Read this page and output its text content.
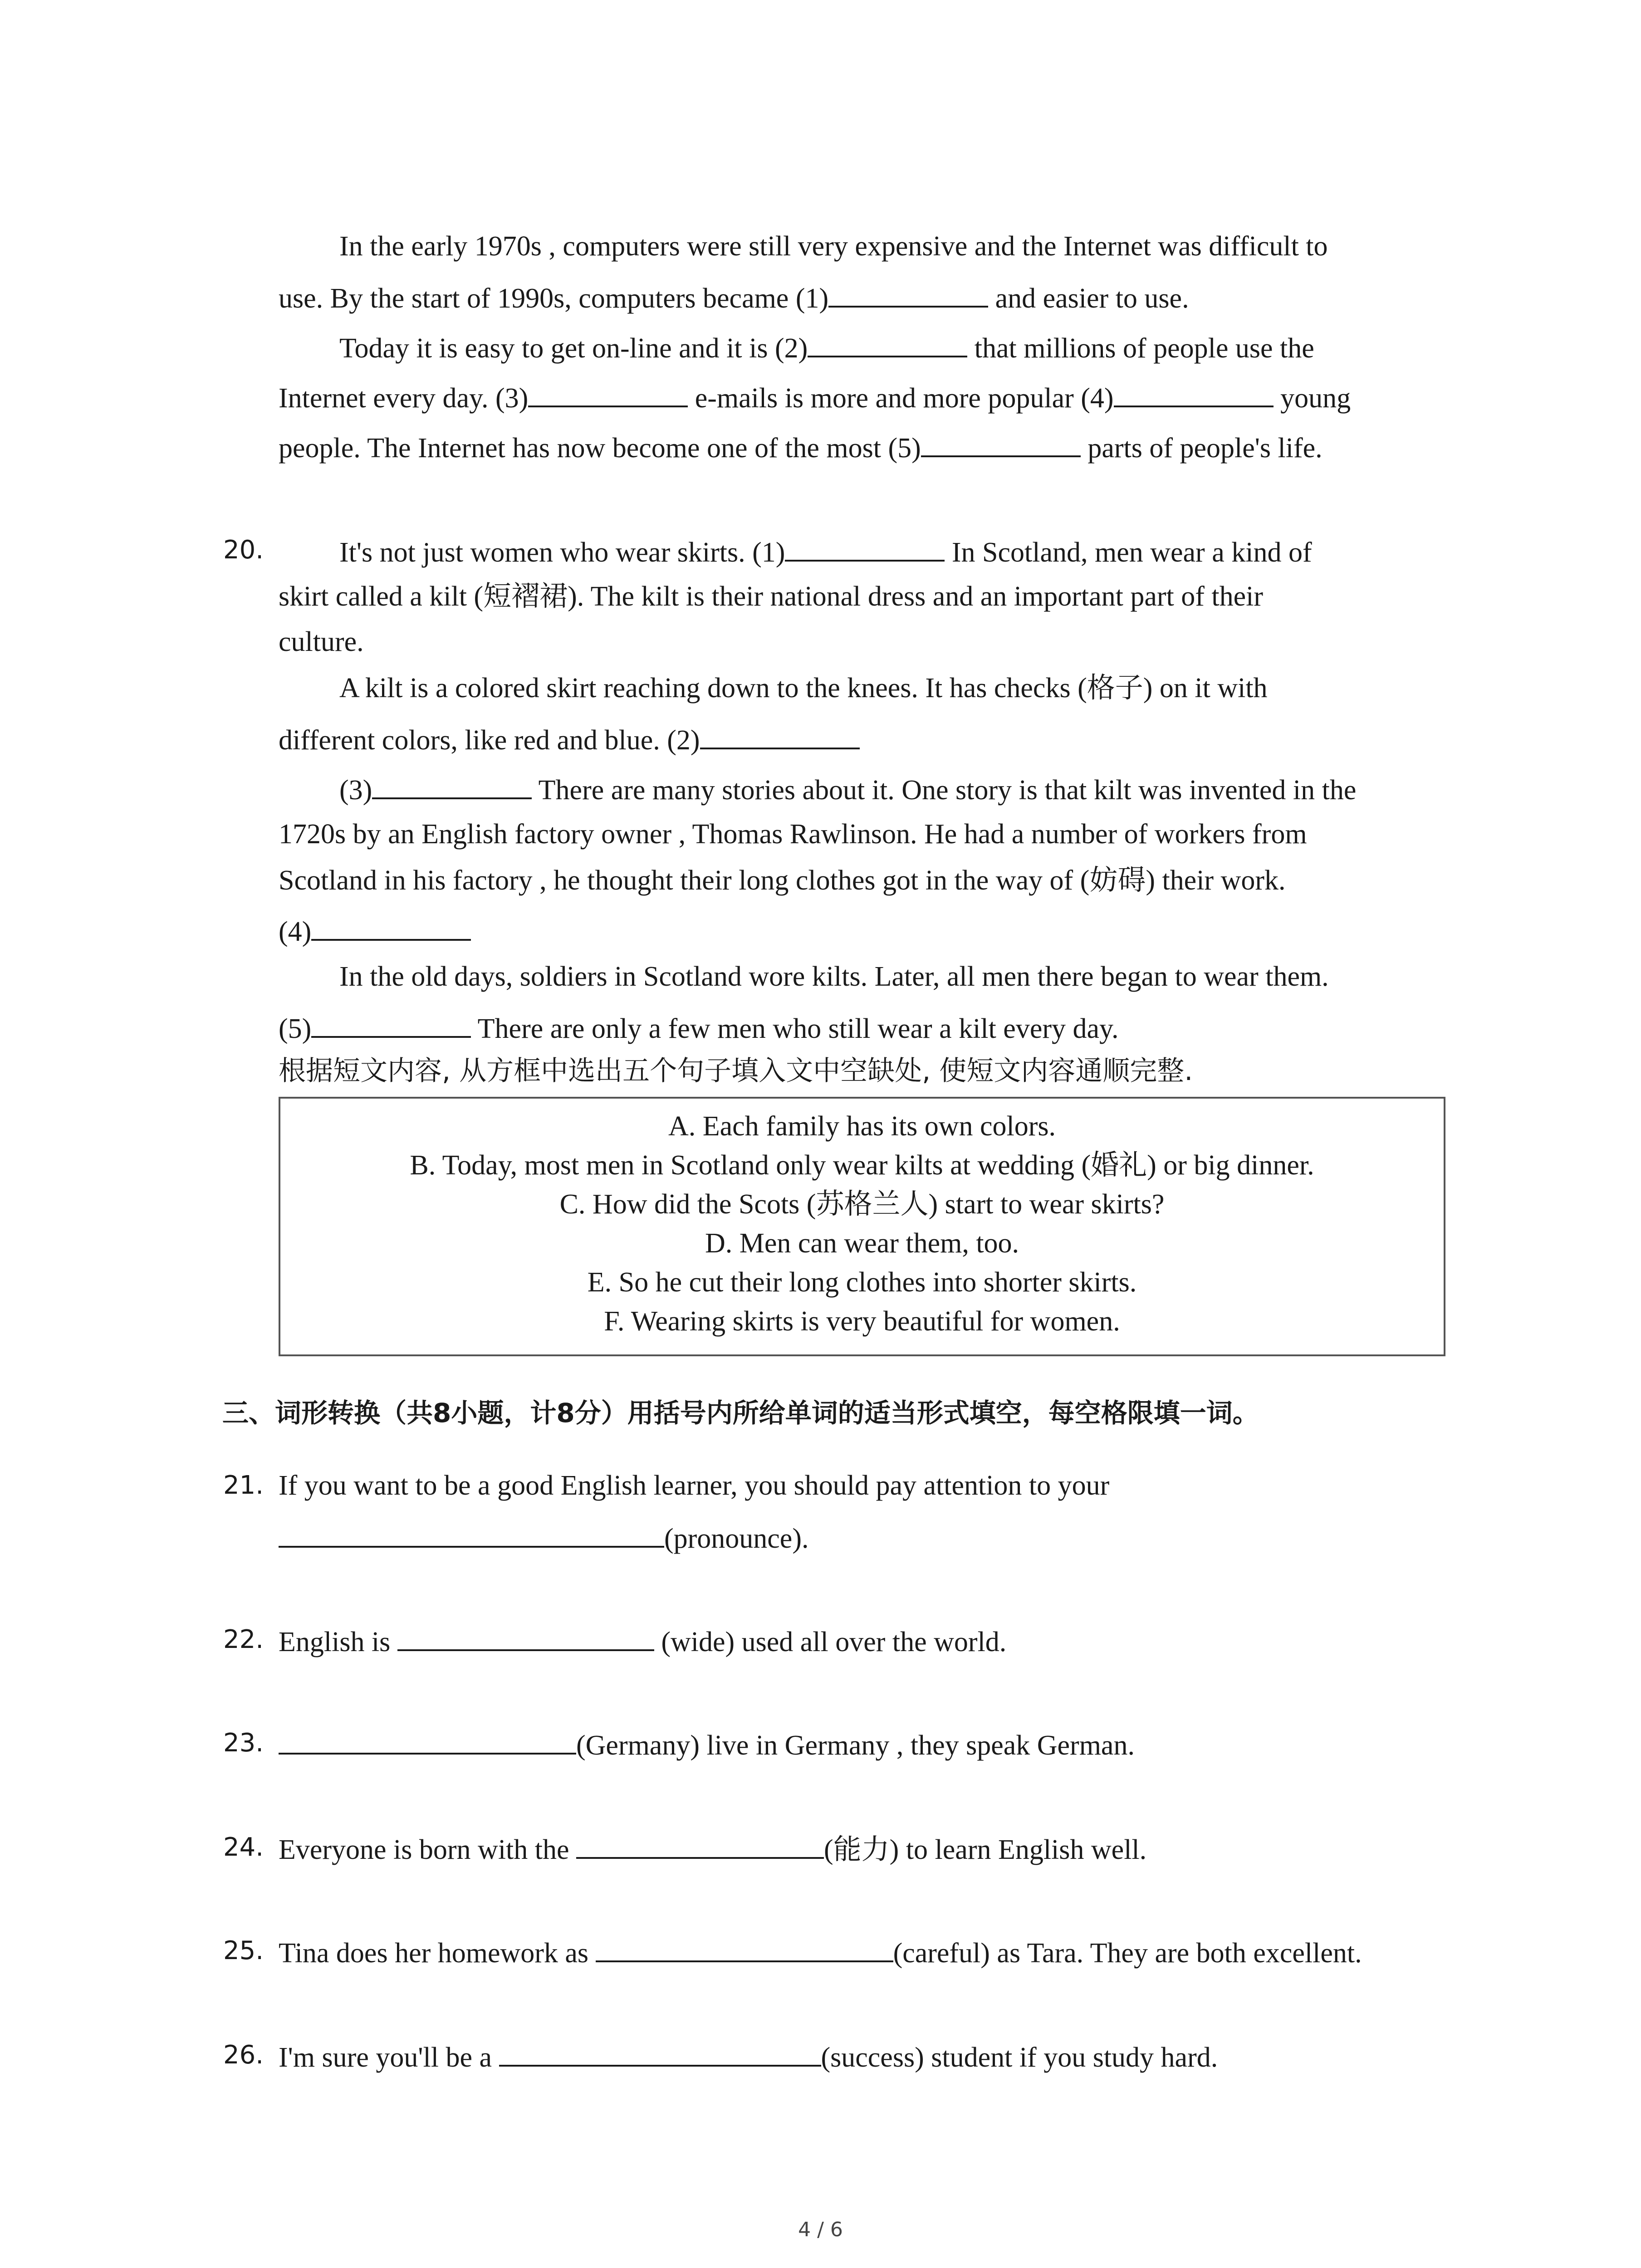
In the early 1970s , computers were still very expensive and the Internet was difficult to
use. By the start of 1990s, computers became (1)	and easier to use.
Today it is easy to get on-line and it is (2)	that millions of people use the
Internet every day. (3)	e-mails is more and more popular (4)	young
people. The Internet has now become one of the most (5)	parts of people's life.
20.	It's not just women who wear skirts. (1)	In Scotland, men wear a kind of
skirt called a kilt (短褶裙). The kilt is their national dress and an important part of their
culture.
A kilt is a colored skirt reaching down to the knees. It has checks (格子) on it with
different colors, like red and blue. (2)
(3)	There are many stories about it. One story is that kilt was invented in the
1720s by an English factory owner , Thomas Rawlinson. He had a number of workers from
Scotland in his factory , he thought their long clothes got in the way of (妨碍) their work.
(4)
In the old days, soldiers in Scotland wore kilts. Later, all men there began to wear them.
(5)	There are only a few men who still wear a kilt every day.
根据短文内容, 从方框中选出五个句子填入文中空缺处, 使短文内容通顺完整.
A. Each family has its own colors.
B. Today, most men in Scotland only wear kilts at wedding (婚礼) or big dinner.
C. How did the Scots (苏格兰人) start to wear skirts?
D. Men can wear them, too.
E. So he cut their long clothes into shorter skirts.
F. Wearing skirts is very beautiful for women.
三、词形转换（共8小题，计8分）用括号内所给单词的适当形式填空，每空格限填一词。
21. If you want to be a good English learner, you should pay attention to your
(pronounce).
22. English is	(wide) used all over the world.
23.	(Germany) live in Germany , they speak German.
24. Everyone is born with the	(能力) to learn English well.
25. Tina does her homework as	(careful) as Tara. They are both excellent.
26. I'm sure you'll be a	(success) student if you study hard.
4 / 6
